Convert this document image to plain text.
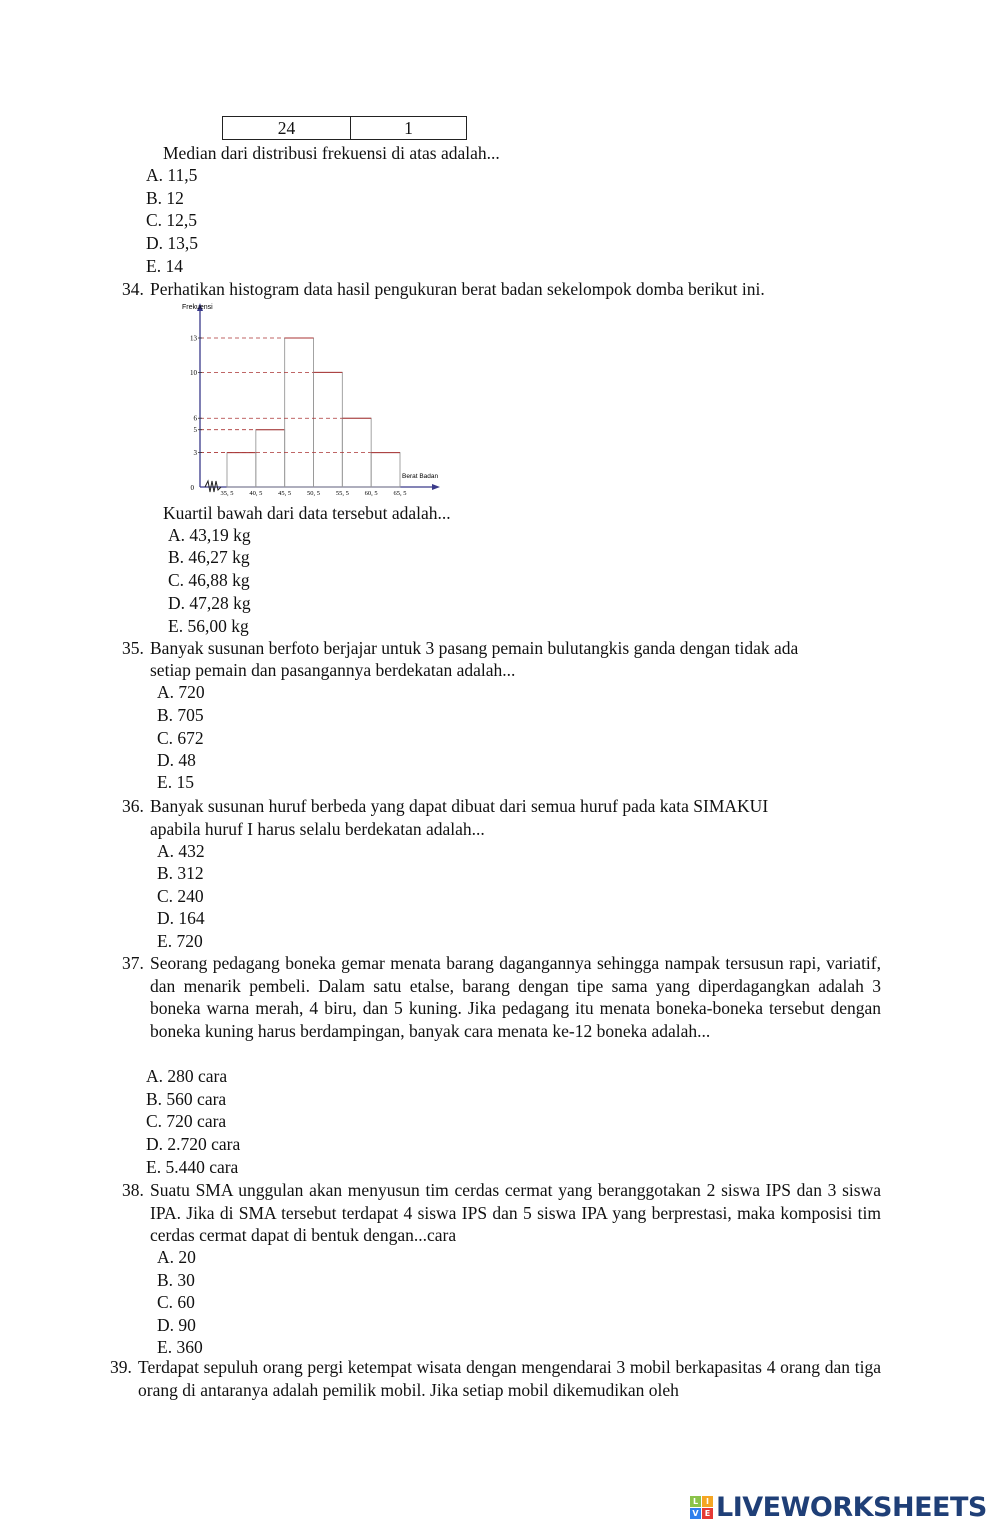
24	1
Median dari distribusi frekuensi di atas adalah...
A. 11,5
B. 12
C. 12,5
D. 13,5
E. 14
34. Perhatikan histogram data hasil pengukuran berat badan sekelompok domba berikut ini.
Frekuensi
Berat Badan
0
3
5
6
10
13
35, 5 40, 5 45, 5 50, 5 55, 5 60, 5 65, 5
Kuartil bawah dari data tersebut adalah...
A. 43,19 kg
B. 46,27 kg
C. 46,88 kg
D. 47,28 kg
E. 56,00 kg
35. Banyak susunan berfoto berjajar untuk 3 pasang pemain bulutangkis ganda dengan tidak ada
setiap pemain dan pasangannya berdekatan adalah...
A. 720
B. 705
C. 672
D. 48
E. 15
36. Banyak susunan huruf berbeda yang dapat dibuat dari semua huruf pada kata SIMAKUI
apabila huruf I harus selalu berdekatan adalah...
A. 432
B. 312
C. 240
D. 164
E. 720
37. Seorang pedagang boneka gemar menata barang dagangannya sehingga nampak tersusun rapi, variatif, dan menarik pembeli. Dalam satu etalse, barang dengan tipe sama yang diperdagangkan adalah 3 boneka warna merah, 4 biru, dan 5 kuning. Jika pedagang itu menata boneka-boneka tersebut dengan boneka kuning harus berdampingan, banyak cara menata ke-12 boneka adalah...
A. 280 cara
B. 560 cara
C. 720 cara
D. 2.720 cara
E. 5.440 cara
38. Suatu SMA unggulan akan menyusun tim cerdas cermat yang beranggotakan 2 siswa IPS dan 3 siswa IPA. Jika di SMA tersebut terdapat 4 siswa IPS dan 5 siswa IPA yang berprestasi, maka komposisi tim cerdas cermat dapat di bentuk dengan...cara
A. 20
B. 30
C. 60
D. 90
E. 360
39. Terdapat sepuluh orang pergi ketempat wisata dengan mengendarai 3 mobil berkapasitas 4 orang dan tiga orang di antaranya adalah pemilik mobil. Jika setiap mobil dikemudikan oleh
L I
V E LIVEWORKSHEETS
